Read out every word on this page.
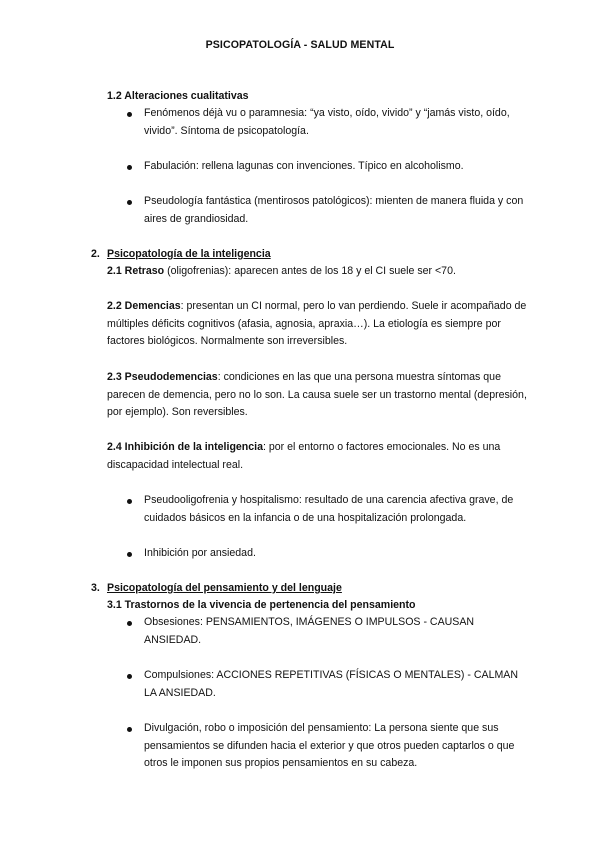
PSICOPATOLOGÍA - SALUD MENTAL
1.2 Alteraciones cualitativas

Fenómenos déjà vu o paramnesia: “ya visto, oído, vivido” y “jamás visto, oído, vivido”. Síntoma de psicopatología.

Fabulación: rellena lagunas con invenciones. Típico en alcoholismo.

Pseudología fantástica (mentirosos patológicos): mienten de manera fluida y con aires de grandiosidad.

2. Psicopatología de la inteligencia
2.1 Retraso (oligofrenias): aparecen antes de los 18 y el CI suele ser <70.
2.2 Demencias: presentan un CI normal, pero lo van perdiendo. Suele ir acompañado de múltiples déficits cognitivos (afasia, agnosia, apraxia…). La etiología es siempre por factores biológicos. Normalmente son irreversibles.
2.3 Pseudodemencias: condiciones en las que una persona muestra síntomas que parecen de demencia, pero no lo son. La causa suele ser un trastorno mental (depresión, por ejemplo). Son reversibles.
2.4 Inhibición de la inteligencia: por el entorno o factores emocionales. No es una discapacidad intelectual real.

Pseudooligofrenia y hospitalismo: resultado de una carencia afectiva grave, de cuidados básicos en la infancia o de una hospitalización prolongada.

Inhibición por ansiedad.

3. Psicopatología del pensamiento y del lenguaje
3.1 Trastornos de la vivencia de pertenencia del pensamiento

Obsesiones: PENSAMIENTOS, IMÁGENES O IMPULSOS - CAUSAN ANSIEDAD.

Compulsiones: ACCIONES REPETITIVAS (FÍSICAS O MENTALES) - CALMAN LA ANSIEDAD.

Divulgación, robo o imposición del pensamiento: La persona siente que sus pensamientos se difunden hacia el exterior y que otros pueden captarlos o que otros le imponen sus propios pensamientos en su cabeza.
